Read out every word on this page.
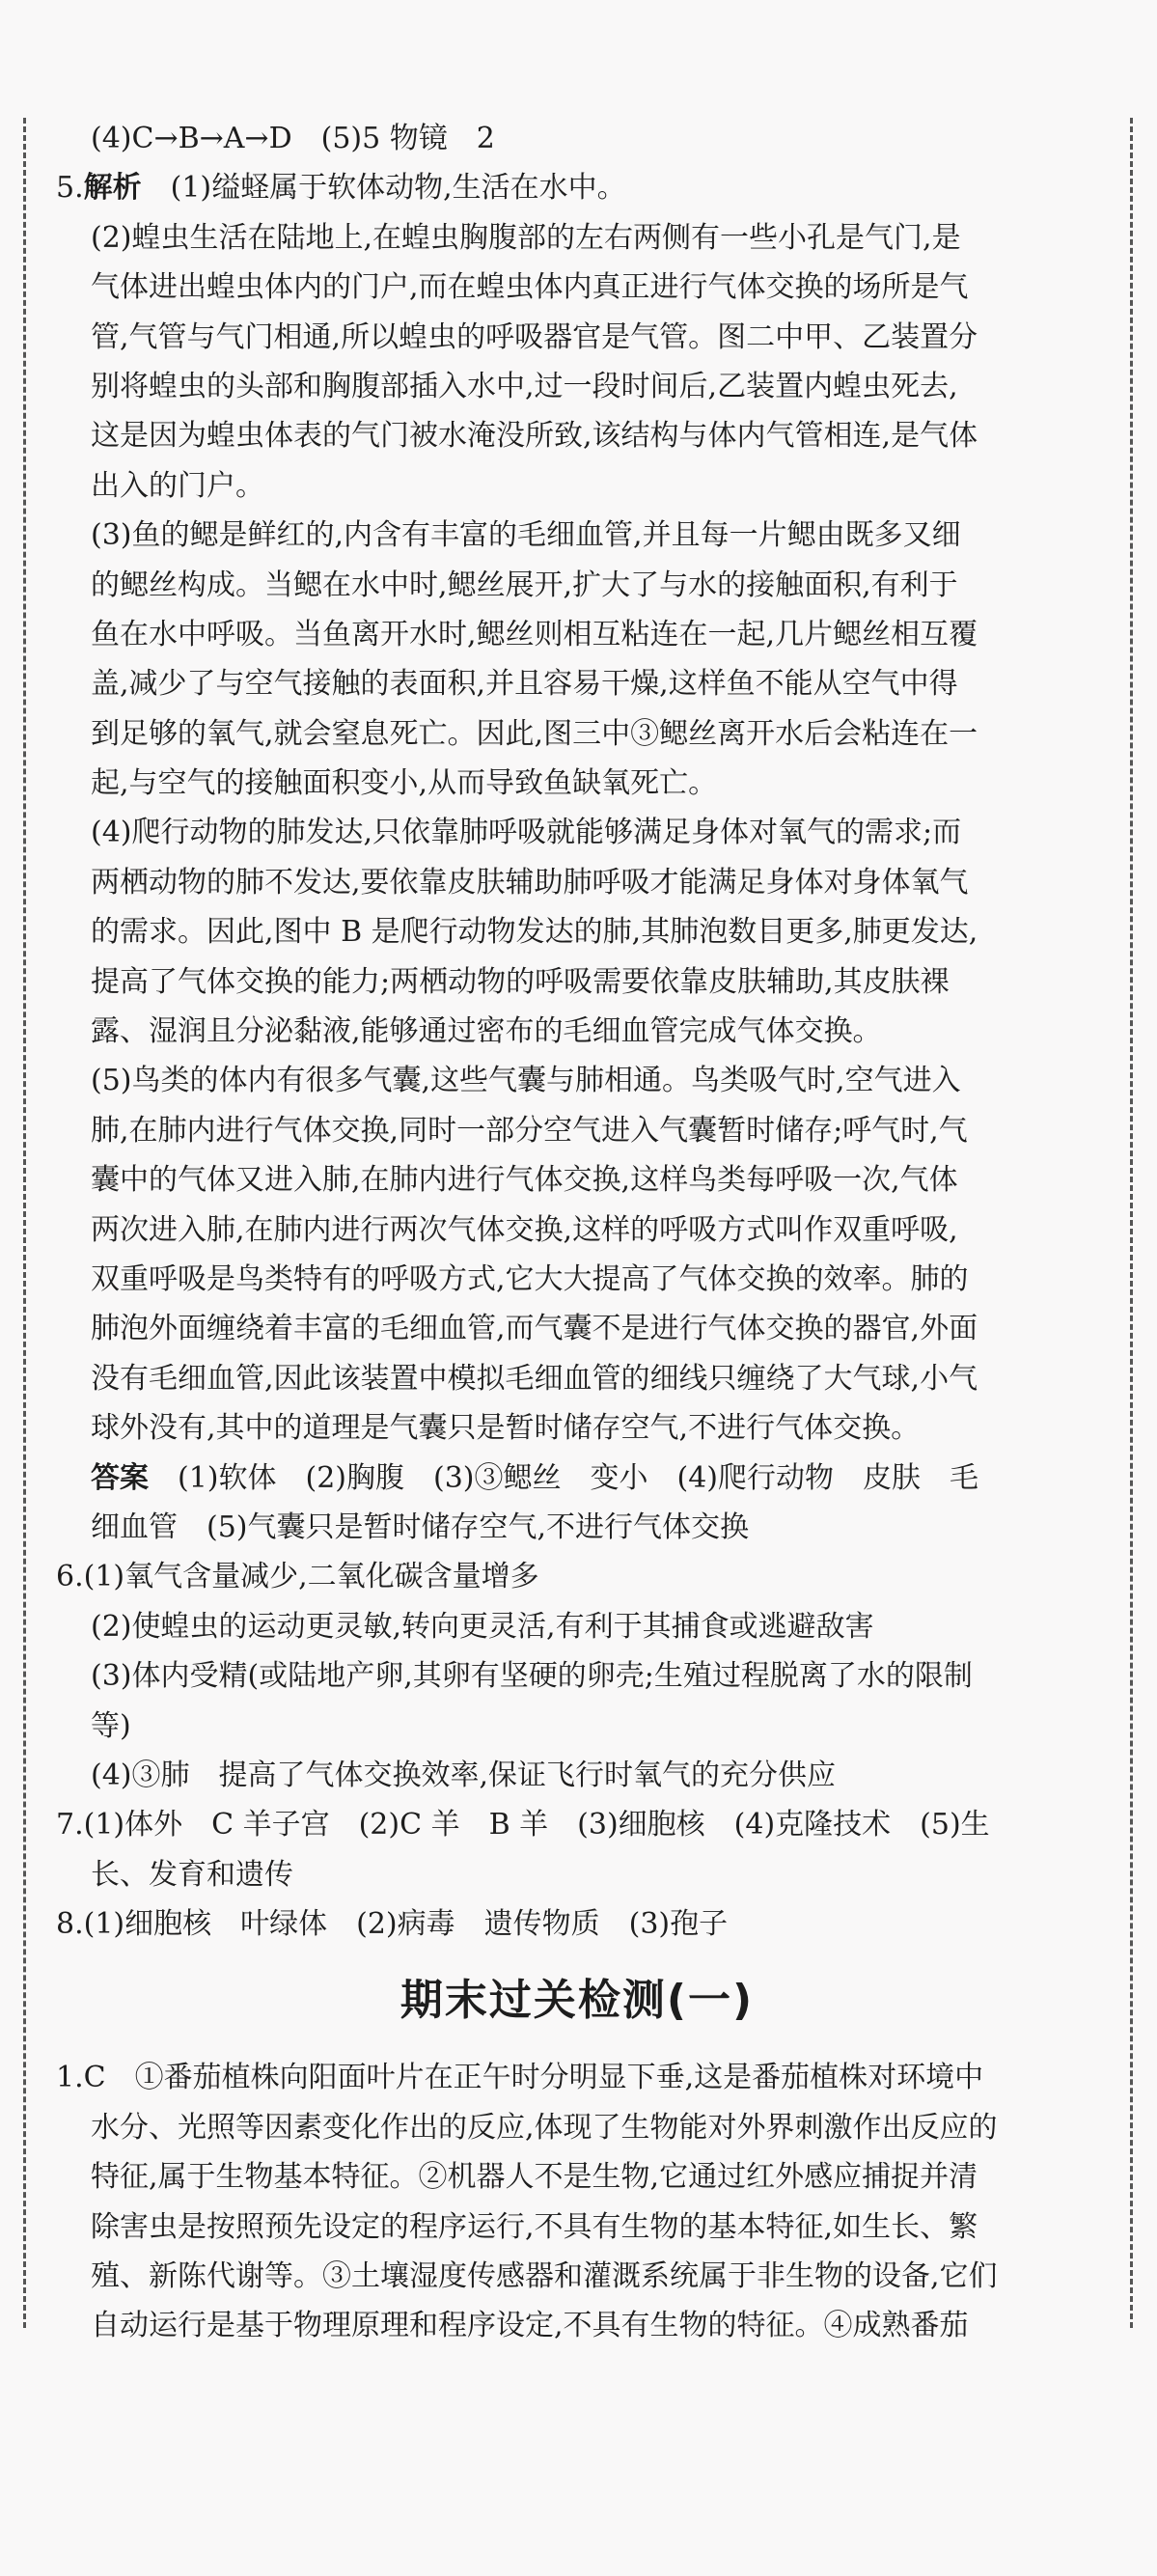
(4)C→B→A→D　(5)5 物镜　2
5.解析　(1)缢蛏属于软体动物,生活在水中。
(2)蝗虫生活在陆地上,在蝗虫胸腹部的左右两侧有一些小孔是气门,是
气体进出蝗虫体内的门户,而在蝗虫体内真正进行气体交换的场所是气
管,气管与气门相通,所以蝗虫的呼吸器官是气管。图二中甲、乙装置分
别将蝗虫的头部和胸腹部插入水中,过一段时间后,乙装置内蝗虫死去,
这是因为蝗虫体表的气门被水淹没所致,该结构与体内气管相连,是气体
出入的门户。
(3)鱼的鳃是鲜红的,内含有丰富的毛细血管,并且每一片鳃由既多又细
的鳃丝构成。当鳃在水中时,鳃丝展开,扩大了与水的接触面积,有利于
鱼在水中呼吸。当鱼离开水时,鳃丝则相互粘连在一起,几片鳃丝相互覆
盖,减少了与空气接触的表面积,并且容易干燥,这样鱼不能从空气中得
到足够的氧气,就会窒息死亡。因此,图三中③鳃丝离开水后会粘连在一
起,与空气的接触面积变小,从而导致鱼缺氧死亡。
(4)爬行动物的肺发达,只依靠肺呼吸就能够满足身体对氧气的需求;而
两栖动物的肺不发达,要依靠皮肤辅助肺呼吸才能满足身体对身体氧气
的需求。因此,图中 B 是爬行动物发达的肺,其肺泡数目更多,肺更发达,
提高了气体交换的能力;两栖动物的呼吸需要依靠皮肤辅助,其皮肤裸
露、湿润且分泌黏液,能够通过密布的毛细血管完成气体交换。
(5)鸟类的体内有很多气囊,这些气囊与肺相通。鸟类吸气时,空气进入
肺,在肺内进行气体交换,同时一部分空气进入气囊暂时储存;呼气时,气
囊中的气体又进入肺,在肺内进行气体交换,这样鸟类每呼吸一次,气体
两次进入肺,在肺内进行两次气体交换,这样的呼吸方式叫作双重呼吸,
双重呼吸是鸟类特有的呼吸方式,它大大提高了气体交换的效率。肺的
肺泡外面缠绕着丰富的毛细血管,而气囊不是进行气体交换的器官,外面
没有毛细血管,因此该装置中模拟毛细血管的细线只缠绕了大气球,小气
球外没有,其中的道理是气囊只是暂时储存空气,不进行气体交换。
答案　(1)软体　(2)胸腹　(3)③鳃丝　变小　(4)爬行动物　皮肤　毛
细血管　(5)气囊只是暂时储存空气,不进行气体交换
6.(1)氧气含量减少,二氧化碳含量增多
(2)使蝗虫的运动更灵敏,转向更灵活,有利于其捕食或逃避敌害
(3)体内受精(或陆地产卵,其卵有坚硬的卵壳;生殖过程脱离了水的限制
等)
(4)③肺　提高了气体交换效率,保证飞行时氧气的充分供应
7.(1)体外　C 羊子宫　(2)C 羊　B 羊　(3)细胞核　(4)克隆技术　(5)生
长、发育和遗传
8.(1)细胞核　叶绿体　(2)病毒　遗传物质　(3)孢子
期末过关检测(一)
1.C　①番茄植株向阳面叶片在正午时分明显下垂,这是番茄植株对环境中
水分、光照等因素变化作出的反应,体现了生物能对外界刺激作出反应的
特征,属于生物基本特征。②机器人不是生物,它通过红外感应捕捉并清
除害虫是按照预先设定的程序运行,不具有生物的基本特征,如生长、繁
殖、新陈代谢等。③土壤湿度传感器和灌溉系统属于非生物的设备,它们
自动运行是基于物理原理和程序设定,不具有生物的特征。④成熟番茄
